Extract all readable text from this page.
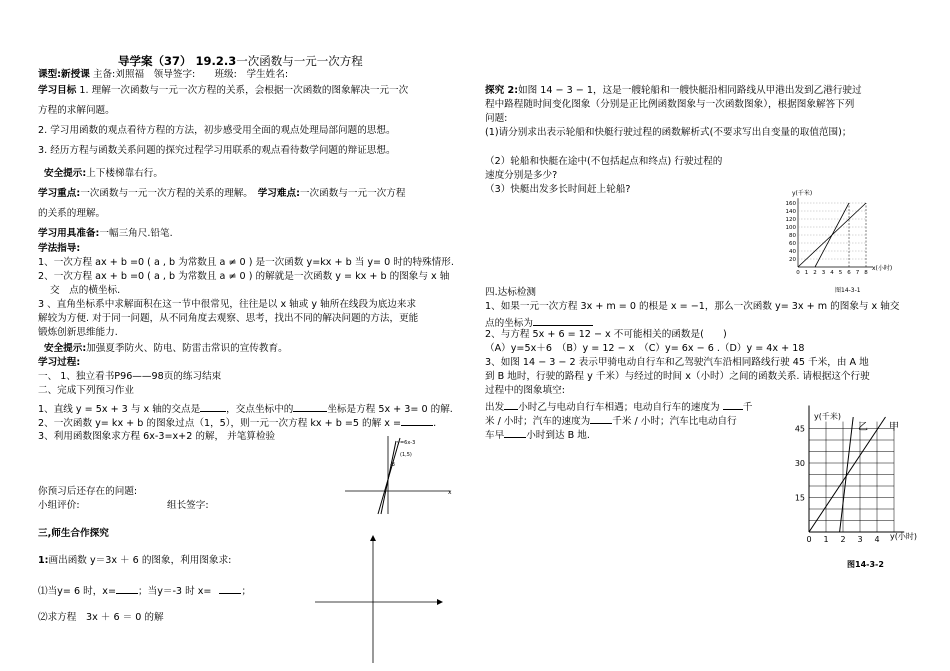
导学案（37） 19.2.3一次函数与一元一次方程
课型:新授课 主备:刘照福　领导签字:　　班级:　学生姓名:
学习目标 1. 理解一次函数与一元一次方程的关系，会根据一次函数的图象解决一元一次
方程的求解问题。
2. 学习用函数的观点看待方程的方法，初步感受用全面的观点处理局部问题的思想。
3. 经历方程与函数关系问题的探究过程学习用联系的观点看待数学问题的辩证思想。
安全提示:上下楼梯靠右行。
学习重点:一次函数与一元一次方程的关系的理解。　 学习难点:一次函数与一元一次方程
的关系的理解。
学习用具准备:一幅三角尺.铅笔.
学法指导:
1、一次方程 ax + b =0 ( a , b 为常数且 a ≠ 0 ) 是一次函数 y=kx + b 当 y= 0 时的特殊情形.
2、一次方程 ax + b =0 ( a , b 为常数且 a ≠ 0 ) 的解就是一次函数 y = kx + b 的图象与 x 轴
交　点的横坐标.
3 、直角坐标系中求解面积在这一节中很常见，往往是以 x 轴或 y 轴所在线段为底边来求
解较为方便. 对于同一问题，从不同角度去观察、思考，找出不同的解决问题的方法，更能
锻炼创新思维能力.
安全提示:加强夏季防火、防电、防雷击常识的宣传教育。
学习过程:
一、 1、独立看书P96——98页的练习结束
二、完成下列预习作业
1、直线 y = 5x + 3 与 x 轴的交点是	，交点坐标中的	坐标是方程 5x + 3= 0 的解.
2、一次函数 y= kx + b 的图象过点（1，5），则一元一次方程 kx + b =5 的解 x =	.
3、利用函数图象求方程 6x-3=x+2 的解， 并笔算检验
你预习后还存在的问题:
小组评价:	组长签字:
y=6x-3
(1,5)
-3
x
三,师生合作探究
1:画出函数 y＝3x ＋ 6 的图象，利用图象求:
⑴当y= 6 时，x= ；当y＝-3 时 x=	；
⑵求方程　3x ＋ 6 ＝ 0 的解
探究 2:如图 14 − 3 − 1，这是一艘轮船和一艘快艇沿相同路线从甲港出发到乙港行驶过
程中路程随时间变化图象（分别是正比例函数图象与一次函数图象），根据图象解答下列
问题:
(1)请分别求出表示轮船和快艇行驶过程的函数解析式(不要求写出自变量的取值范围)；
（2）轮船和快艇在途中(不包括起点和终点) 行驶过程的
速度分别是多少?
（3）快艇出发多长时间赶上轮船?	y(千米)
160
140
120
100
80
60
40
20
0 1 2 3 4 5 6 7 8
x(小时)
图14-3-1
四.达标检测
1、如果一元一次方程 3x + m = 0 的根是 x = −1，那么一次函数 y= 3x + m 的图象与 x 轴交
点的坐标为
2、与方程 5x + 6 = 12 − x 不可能相关的函数是(　　)
（A）y=5x＋6　（B）y = 12 − x　（C）y= 6x − 6 .（D）y = 4x + 18
3、如图 14 − 3 − 2 表示甲骑电动自行车和乙驾驶汽车沿相同路线行驶 45 千米，由 A 地
到 B 地时，行驶的路程 y 千米）与经过的时间 x（小时）之间的函数关系. 请根据这个行驶
过程中的图象填空:
出发 小时乙与电动自行车相遇；电动自行车的速度为 千
米 / 小时；汽车的速度为 千米 / 小时；汽车比电动自行
车早 小时到达 B 地.
y(千米)
乙 甲
45
30
15
0 1 2 3 4 y(小时)
图14-3-2
